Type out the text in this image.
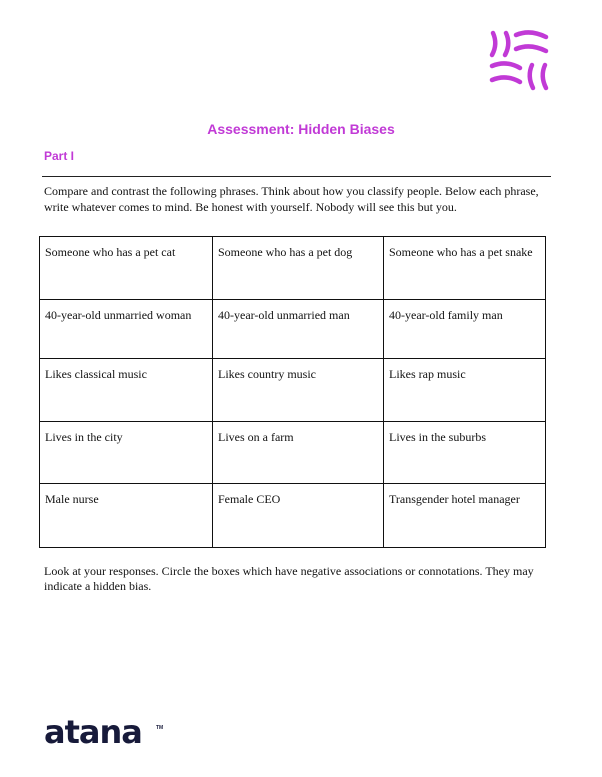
Assessment: Hidden Biases
Part I
Compare and contrast the following phrases. Think about how you classify people. Below each phrase, write whatever comes to mind. Be honest with yourself. Nobody will see this but you.
Someone who has a pet cat	Someone who has a pet dog	Someone who has a pet snake
40-year-old unmarried woman	40-year-old unmarried man	40-year-old family man
Likes classical music	Likes country music	Likes rap music
Lives in the city	Lives on a farm	Lives in the suburbs
Male nurse	Female CEO	Transgender hotel manager
Look at your responses. Circle the boxes which have negative associations or connotations. They may indicate a hidden bias.
atana	TM
